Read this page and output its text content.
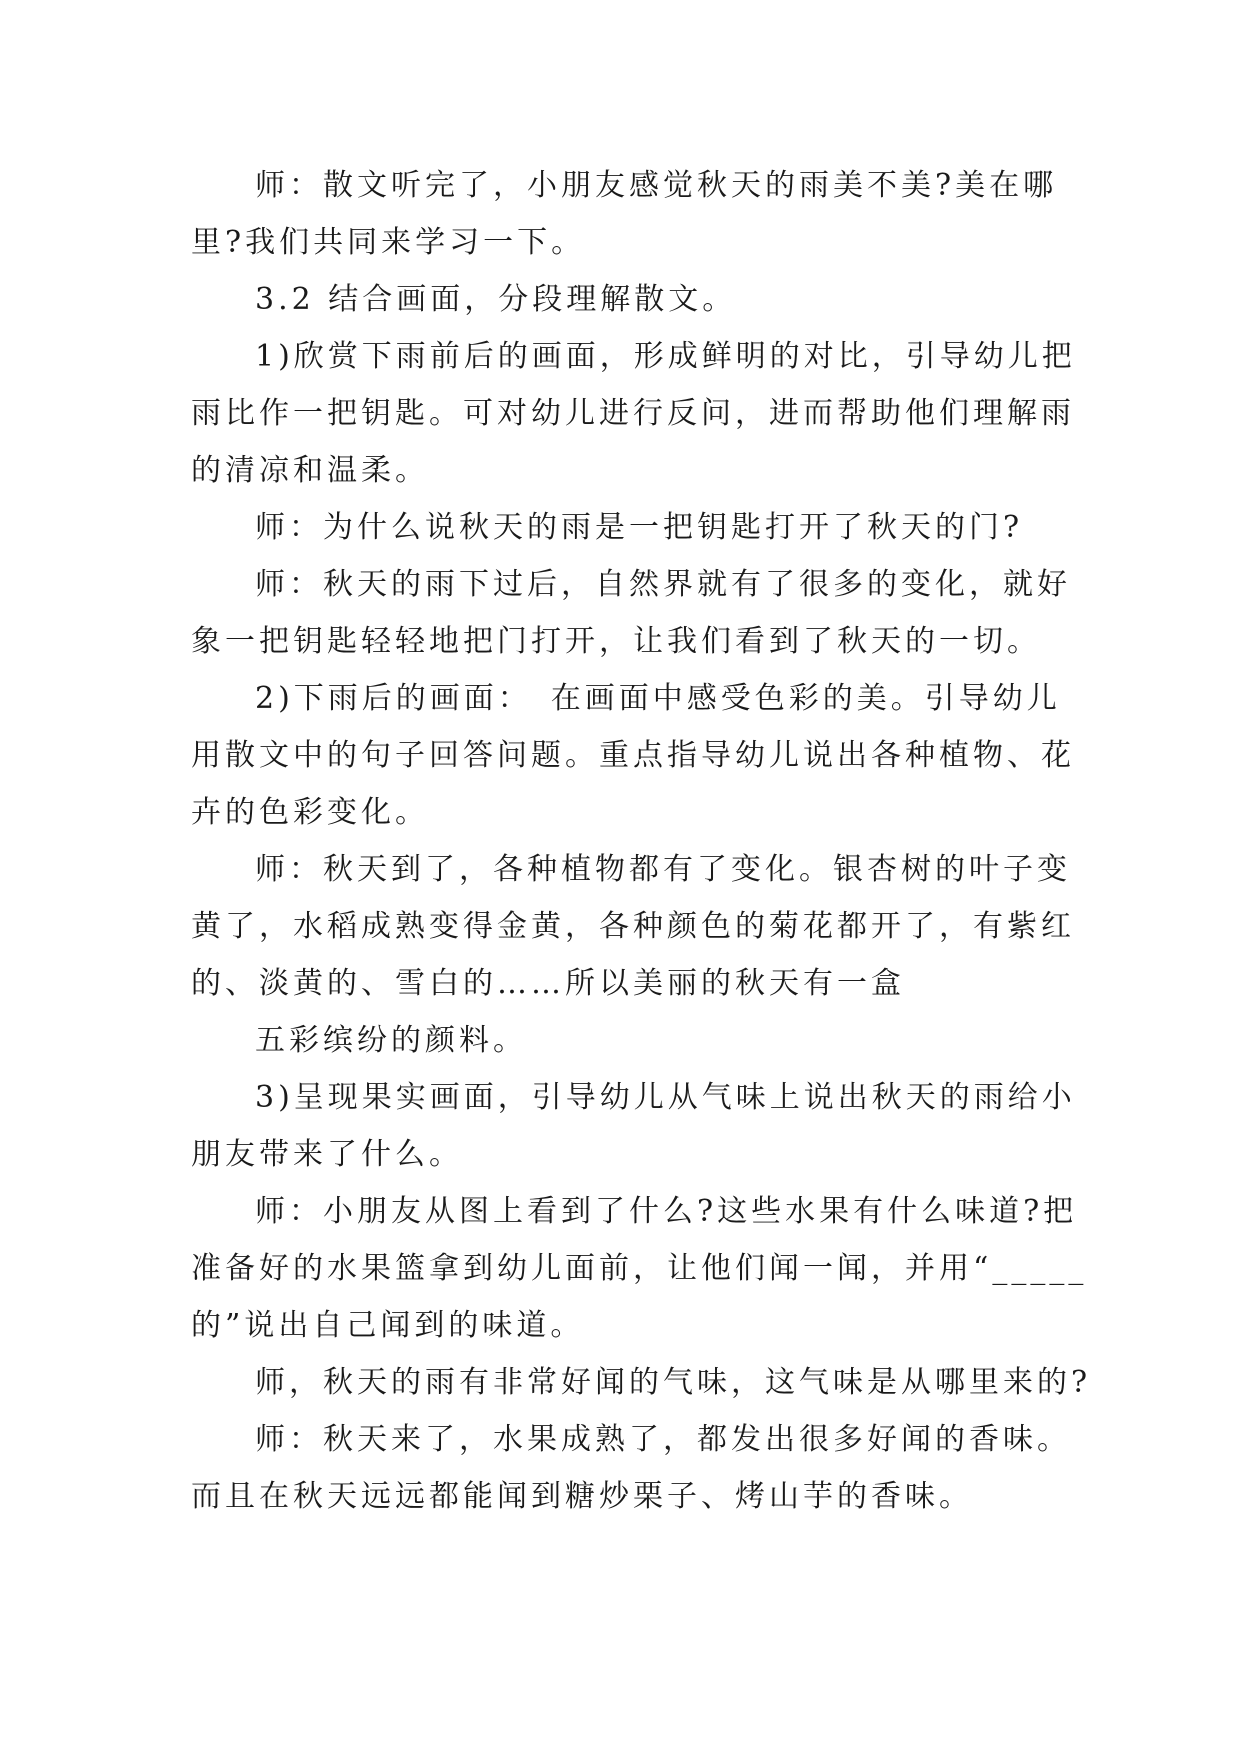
师：散文听完了，小朋友感觉秋天的雨美不美?美在哪
里?我们共同来学习一下。
3.2 结合画面，分段理解散文。
1)欣赏下雨前后的画面，形成鲜明的对比，引导幼儿把
雨比作一把钥匙。可对幼儿进行反问，进而帮助他们理解雨
的清凉和温柔。
师：为什么说秋天的雨是一把钥匙打开了秋天的门?
师：秋天的雨下过后，自然界就有了很多的变化，就好
象一把钥匙轻轻地把门打开，让我们看到了秋天的一切。
2)下雨后的画面：　在画面中感受色彩的美。引导幼儿
用散文中的句子回答问题。重点指导幼儿说出各种植物、花
卉的色彩变化。
师：秋天到了，各种植物都有了变化。银杏树的叶子变
黄了，水稻成熟变得金黄，各种颜色的菊花都开了，有紫红
的、淡黄的、雪白的……所以美丽的秋天有一盒
五彩缤纷的颜料。
3)呈现果实画面，引导幼儿从气味上说出秋天的雨给小
朋友带来了什么。
师：小朋友从图上看到了什么?这些水果有什么味道?把
准备好的水果篮拿到幼儿面前，让他们闻一闻，并用“_____
的”说出自己闻到的味道。
师，秋天的雨有非常好闻的气味，这气味是从哪里来的?
师：秋天来了，水果成熟了，都发出很多好闻的香味。
而且在秋天远远都能闻到糖炒栗子、烤山芋的香味。
